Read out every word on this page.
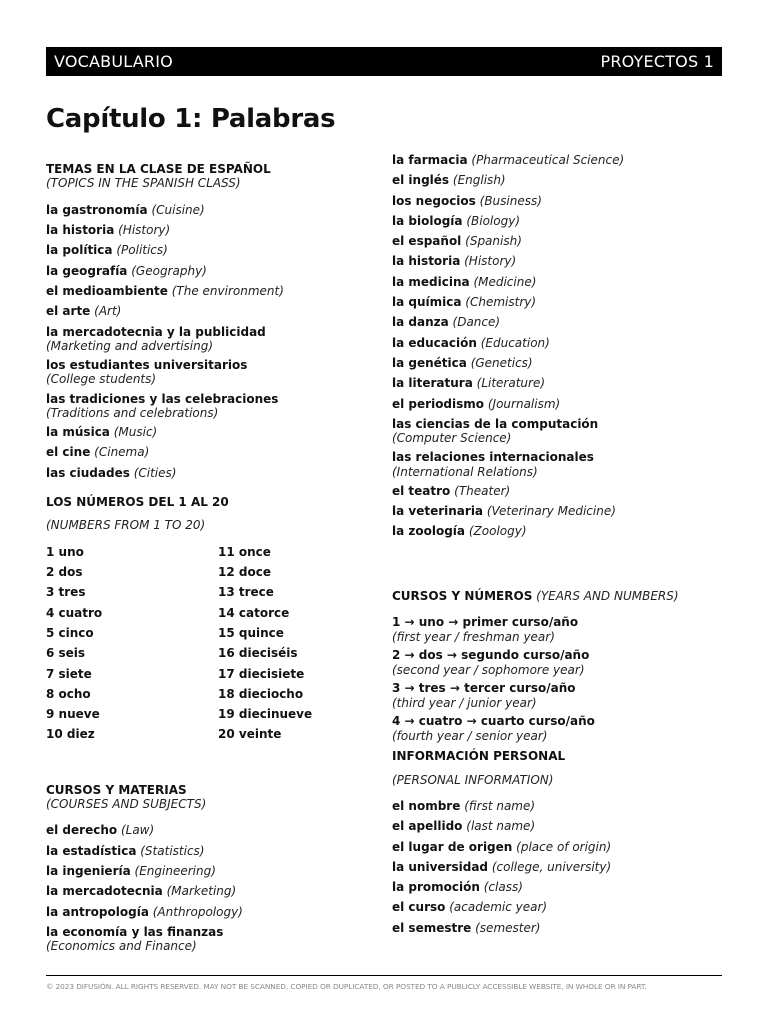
VOCABULARIO	PROYECTOS 1
Capítulo 1: Palabras
TEMAS EN LA CLASE DE ESPAÑOL
(TOPICS IN THE SPANISH CLASS)
la gastronomía (Cuisine)
la historia (History)
la política (Politics)
la geografía (Geography)
el medioambiente (The environment)
el arte (Art)
la mercadotecnia y la publicidad
(Marketing and advertising)
los estudiantes universitarios
(College students)
las tradiciones y las celebraciones
(Traditions and celebrations)
la música (Music)
el cine (Cinema)
las ciudades (Cities)
LOS NÚMEROS DEL 1 AL 20
(NUMBERS FROM 1 TO 20)
1 uno	11 once
2 dos	12 doce
3 tres	13 trece
4 cuatro	14 catorce
5 cinco	15 quince
6 seis	16 dieciséis
7 siete	17 diecisiete
8 ocho	18 dieciocho
9 nueve	19 diecinueve
10 diez	20 veinte
CURSOS Y MATERIAS
(COURSES AND SUBJECTS)
el derecho (Law)
la estadística (Statistics)
la ingeniería (Engineering)
la mercadotecnia (Marketing)
la antropología (Anthropology)
la economía y las finanzas
(Economics and Finance)
la farmacia (Pharmaceutical Science)
el inglés (English)
los negocios (Business)
la biología (Biology)
el español (Spanish)
la historia (History)
la medicina (Medicine)
la química (Chemistry)
la danza (Dance)
la educación (Education)
la genética (Genetics)
la literatura (Literature)
el periodismo (Journalism)
las ciencias de la computación
(Computer Science)
las relaciones internacionales
(International Relations)
el teatro (Theater)
la veterinaria (Veterinary Medicine)
la zoología (Zoology)
CURSOS Y NÚMEROS (YEARS AND NUMBERS)
1 → uno → primer curso/año
(first year / freshman year)
2 → dos → segundo curso/año
(second year / sophomore year)
3 → tres → tercer curso/año
(third year / junior year)
4 → cuatro → cuarto curso/año
(fourth year / senior year)
INFORMACIÓN PERSONAL
(PERSONAL INFORMATION)
el nombre (first name)
el apellido (last name)
el lugar de origen (place of origin)
la universidad (college, university)
la promoción (class)
el curso (academic year)
el semestre (semester)
© 2023 DIFUSIÓN. ALL RIGHTS RESERVED. MAY NOT BE SCANNED, COPIED OR DUPLICATED, OR POSTED TO A PUBLICLY ACCESSIBLE WEBSITE, IN WHOLE OR IN PART.
